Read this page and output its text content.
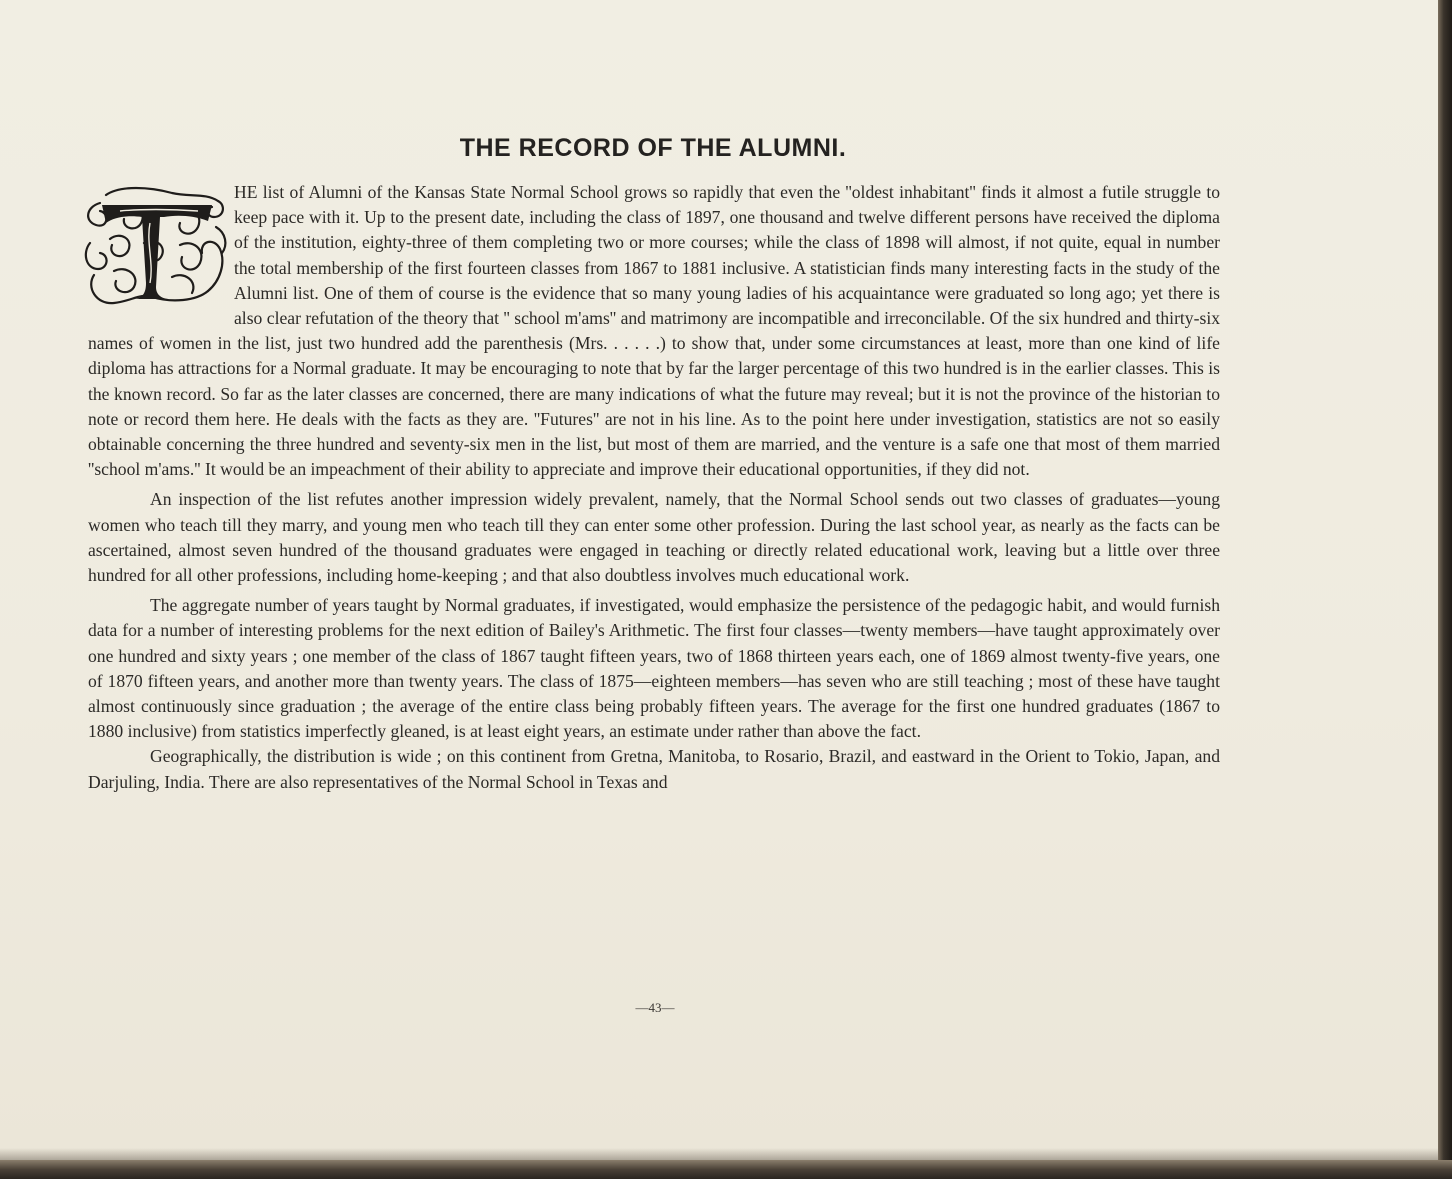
THE RECORD OF THE ALUMNI.

HE list of Alumni of the Kansas State Normal School grows so rapidly that even the ''oldest inhabitant'' finds it almost a futile struggle to keep pace with it. Up to the present date, including the class of 1897, one thousand and twelve different persons have received the diploma of the institution, eighty-three of them completing two or more courses; while the class of 1898 will almost, if not quite, equal in number the total membership of the first fourteen classes from 1867 to 1881 inclusive. A statistician finds many interesting facts in the study of the Alumni list. One of them of course is the evidence that so many young ladies of his acquaintance were graduated so long ago; yet there is also clear refutation of the theory that '' school m'ams'' and matrimony are incompatible and irreconcilable. Of the six hundred and thirty-six names of women in the list, just two hundred add the parenthesis (Mrs. . . . . .) to show that, under some circumstances at least, more than one kind of life diploma has attractions for a Normal graduate. It may be encouraging to note that by far the larger percentage of this two hundred is in the earlier classes. This is the known record. So far as the later classes are concerned, there are many indications of what the future may reveal; but it is not the province of the historian to note or record them here. He deals with the facts as they are. ''Futures'' are not in his line. As to the point here under investigation, statistics are not so easily obtainable concerning the three hundred and seventy-six men in the list, but most of them are married, and the venture is a safe one that most of them married ''school m'ams.'' It would be an impeachment of their ability to appreciate and improve their educational opportunities, if they did not.

An inspection of the list refutes another impression widely prevalent, namely, that the Normal School sends out two classes of graduates—young women who teach till they marry, and young men who teach till they can enter some other profession. During the last school year, as nearly as the facts can be ascertained, almost seven hundred of the thousand graduates were engaged in teaching or directly related educational work, leaving but a little over three hundred for all other professions, including home-keeping ; and that also doubtless involves much educational work.

The aggregate number of years taught by Normal graduates, if investigated, would emphasize the persistence of the pedagogic habit, and would furnish data for a number of interesting problems for the next edition of Bailey's Arithmetic. The first four classes—twenty members—have taught approximately over one hundred and sixty years ; one member of the class of 1867 taught fifteen years, two of 1868 thirteen years each, one of 1869 almost twenty-five years, one of 1870 fifteen years, and another more than twenty years. The class of 1875—eighteen members—has seven who are still teaching ; most of these have taught almost continuously since graduation ; the average of the entire class being probably fifteen years. The average for the first one hundred graduates (1867 to 1880 inclusive) from statistics imperfectly gleaned, is at least eight years, an estimate under rather than above the fact.

Geographically, the distribution is wide ; on this continent from Gretna, Manitoba, to Rosario, Brazil, and eastward in the Orient to Tokio, Japan, and Darjuling, India. There are also representatives of the Normal School in Texas and

—43—
